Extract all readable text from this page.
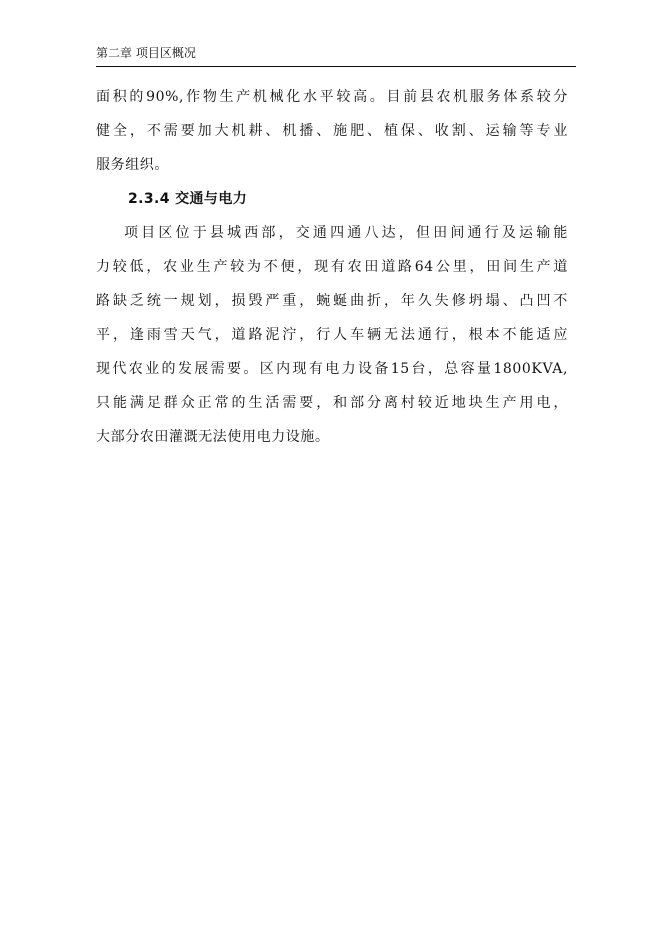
第二章 项目区概况
面积的90%,作物生产机械化水平较高。目前县农机服务体系较分
健全，不需要加大机耕、机播、施肥、植保、收割、运输等专业
服务组织。
2.3.4 交通与电力
项目区位于县城西部，交通四通八达，但田间通行及运输能
力较低，农业生产较为不便，现有农田道路64公里，田间生产道
路缺乏统一规划，损毁严重，蜿蜒曲折，年久失修坍塌、凸凹不
平，逢雨雪天气，道路泥泞，行人车辆无法通行，根本不能适应
现代农业的发展需要。区内现有电力设备15台，总容量1800KVA,
只能满足群众正常的生活需要，和部分离村较近地块生产用电，
大部分农田灌溉无法使用电力设施。
